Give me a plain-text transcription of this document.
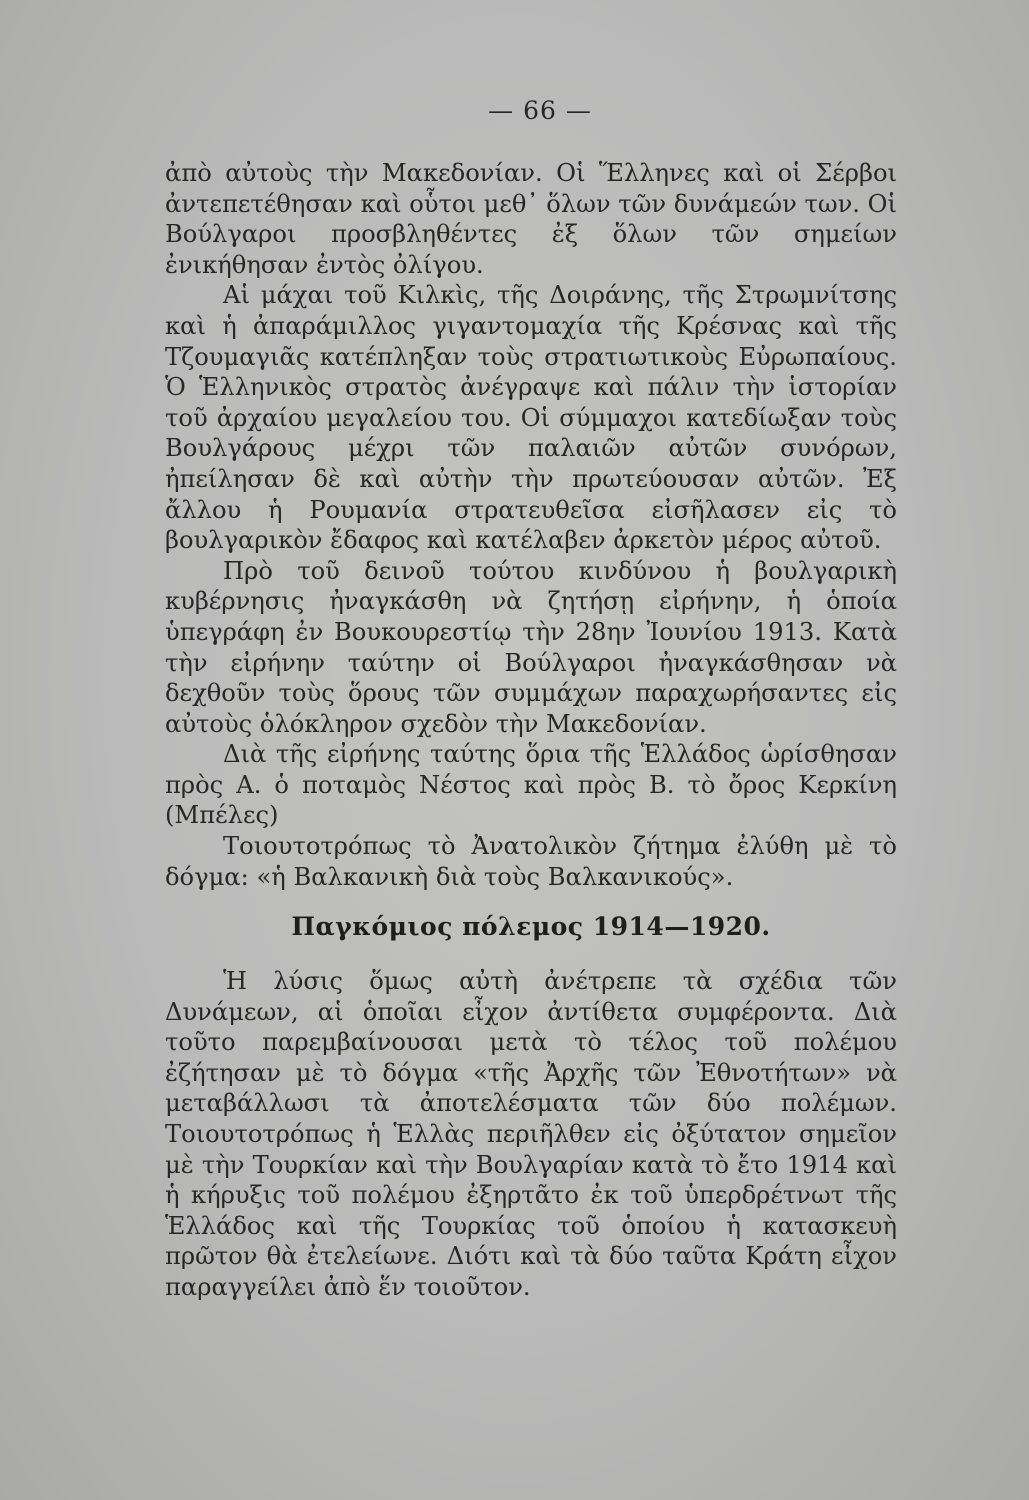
— 66 —

ἀπὸ αὐτοὺς τὴν Μακεδονίαν. Οἱ Ἕλληνες καὶ οἱ Σέρβοι ἀντεπετέθησαν καὶ οὗτοι μεθ᾽ ὅλων τῶν δυνάμεών των. Οἱ Βούλγαροι προσβληθέντες ἐξ ὅλων τῶν σημείων ἐνικήθησαν ἐντὸς ὀλίγου.

Αἱ μάχαι τοῦ Κιλκὶς, τῆς Δοιράνης, τῆς Στρωμνίτσης καὶ ἡ ἀπαράμιλλος γιγαντομαχία τῆς Κρέσνας καὶ τῆς Τζουμαγιᾶς κατέπληξαν τοὺς στρατιωτικοὺς Εὐρωπαίους. Ὁ Ἑλληνικὸς στρατὸς ἀνέγραψε καὶ πάλιν τὴν ἱστορίαν τοῦ ἀρχαίου μεγαλείου του. Οἱ σύμμαχοι κατεδίωξαν τοὺς Βουλγάρους μέχρι τῶν παλαιῶν αὐτῶν συνόρων, ἠπείλησαν δὲ καὶ αὐτὴν τὴν πρωτεύουσαν αὐτῶν. Ἐξ ἄλλου ἡ Ρουμανία στρατευθεῖσα εἰσῆλασεν εἰς τὸ βουλγαρικὸν ἔδαφος καὶ κατέλαβεν ἀρκετὸν μέρος αὐτοῦ.

Πρὸ τοῦ δεινοῦ τούτου κινδύνου ἡ βουλγαρικὴ κυβέρνησις ἠναγκάσθη νὰ ζητήσῃ εἰρήνην, ἡ ὁποία ὑπεγράφη ἐν Βουκουρεστίῳ τὴν 28ην Ἰουνίου 1913. Κατὰ τὴν εἰρήνην ταύτην οἱ Βούλγαροι ἠναγκάσθησαν νὰ δεχθοῦν τοὺς ὅρους τῶν συμμάχων παραχωρήσαντες εἰς αὐτοὺς ὁλόκληρον σχεδὸν τὴν Μακεδονίαν.

Διὰ τῆς εἰρήνης ταύτης ὅρια τῆς Ἑλλάδος ὡρίσθησαν πρὸς Α. ὁ ποταμὸς Νέστος καὶ πρὸς Β. τὸ ὄρος Κερκίνη (Μπέλες)

Τοιουτοτρόπως τὸ Ἀνατολικὸν ζήτημα ἐλύθη μὲ τὸ δόγμα: «ἡ Βαλκανικὴ διὰ τοὺς Βαλκανικούς».

Παγκόμιος πόλεμος 1914—1920.

Ἡ λύσις ὅμως αὐτὴ ἀνέτρεπε τὰ σχέδια τῶν Δυνάμεων, αἱ ὁποῖαι εἶχον ἀντίθετα συμφέροντα. Διὰ τοῦτο παρεμβαίνουσαι μετὰ τὸ τέλος τοῦ πολέμου ἐζήτησαν μὲ τὸ δόγμα «τῆς Ἀρχῆς τῶν Ἐθνοτήτων» νὰ μεταβάλλωσι τὰ ἀποτελέσματα τῶν δύο πολέμων. Τοιουτοτρόπως ἡ Ἑλλὰς περιῆλθεν εἰς ὀξύτατον σημεῖον μὲ τὴν Τουρκίαν καὶ τὴν Βουλγαρίαν κατὰ τὸ ἔτο 1914 καὶ ἡ κήρυξις τοῦ πολέμου ἐξηρτᾶτο ἐκ τοῦ ὑπερδρέτνωτ τῆς Ἑλλάδος καὶ τῆς Τουρκίας τοῦ ὁποίου ἡ κατασκευὴ πρῶτον θὰ ἐτελείωνε. Διότι καὶ τὰ δύο ταῦτα Κράτη εἶχον παραγγείλει ἀπὸ ἕν τοιοῦτον.
